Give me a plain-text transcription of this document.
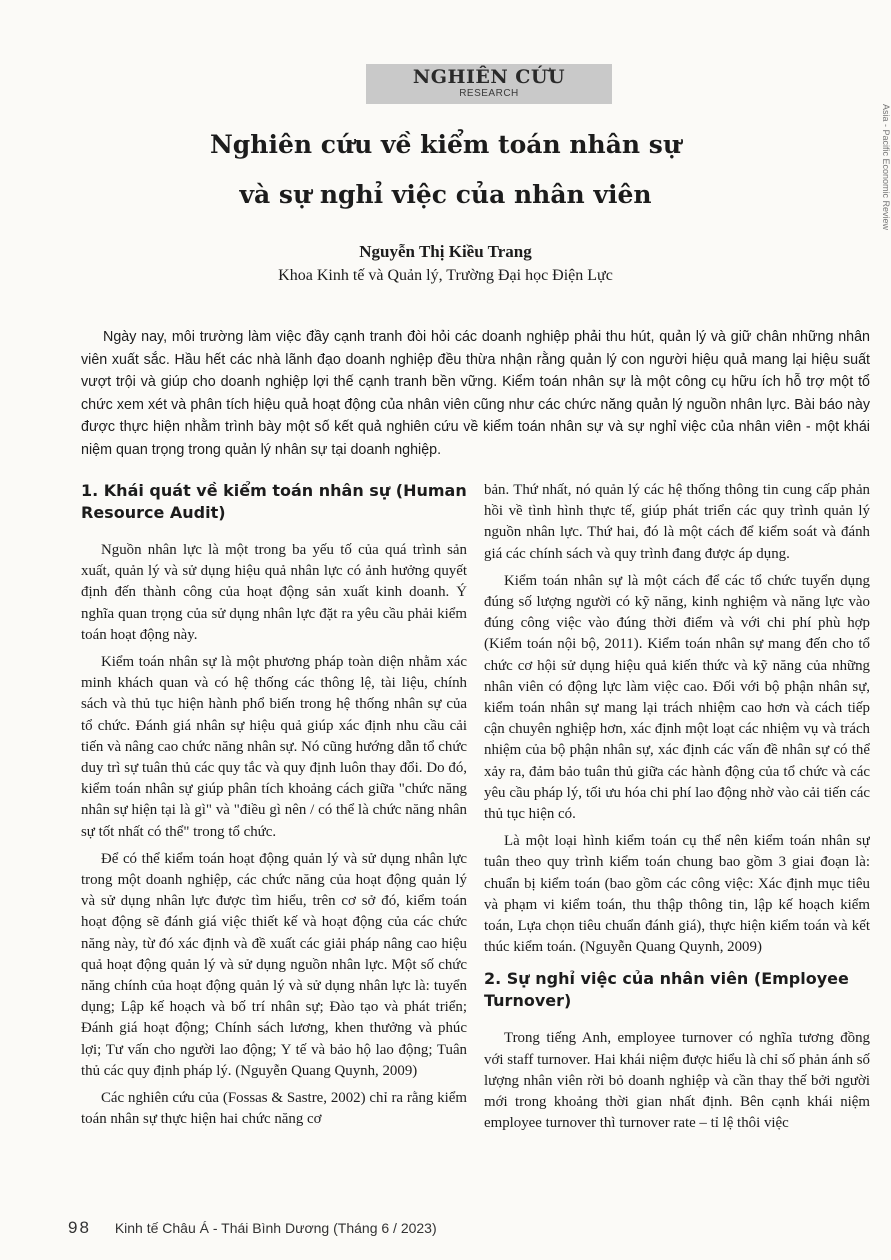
NGHIÊN CỨU
RESEARCH
Asia - Pacific Economic Review
Nghiên cứu về kiểm toán nhân sự
và sự nghỉ việc của nhân viên

Nguyễn Thị Kiều Trang

Khoa Kinh tế và Quản lý, Trường Đại học Điện Lực

Ngày nay, môi trường làm việc đầy cạnh tranh đòi hỏi các doanh nghiệp phải thu hút, quản lý và giữ chân những nhân viên xuất sắc. Hầu hết các nhà lãnh đạo doanh nghiệp đều thừa nhận rằng quản lý con người hiệu quả mang lại hiệu suất vượt trội và giúp cho doanh nghiệp lợi thế cạnh tranh bền vững. Kiểm toán nhân sự là một công cụ hữu ích hỗ trợ một tổ chức xem xét và phân tích hiệu quả hoạt động của nhân viên cũng như các chức năng quản lý nguồn nhân lực. Bài báo này được thực hiện nhằm trình bày một số kết quả nghiên cứu về kiểm toán nhân sự và sự nghỉ việc của nhân viên - một khái niệm quan trọng trong quản lý nhân sự tại doanh nghiệp.

1. Khái quát về kiểm toán nhân sự (Human Resource Audit)

Nguồn nhân lực là một trong ba yếu tố của quá trình sản xuất, quản lý và sử dụng hiệu quả nhân lực có ảnh hưởng quyết định đến thành công của hoạt động sản xuất kinh doanh. Ý nghĩa quan trọng của sử dụng nhân lực đặt ra yêu cầu phải kiểm toán hoạt động này.

Kiểm toán nhân sự là một phương pháp toàn diện nhằm xác minh khách quan và có hệ thống các thông lệ, tài liệu, chính sách và thủ tục hiện hành phổ biến trong hệ thống nhân sự của tổ chức. Đánh giá nhân sự hiệu quả giúp xác định nhu cầu cải tiến và nâng cao chức năng nhân sự. Nó cũng hướng dẫn tổ chức duy trì sự tuân thủ các quy tắc và quy định luôn thay đổi. Do đó, kiểm toán nhân sự giúp phân tích khoảng cách giữa "chức năng nhân sự hiện tại là gì" và "điều gì nên / có thể là chức năng nhân sự tốt nhất có thể" trong tổ chức.

Để có thể kiểm toán hoạt động quản lý và sử dụng nhân lực trong một doanh nghiệp, các chức năng của hoạt động quản lý và sử dụng nhân lực được tìm hiểu, trên cơ sở đó, kiểm toán hoạt động sẽ đánh giá việc thiết kế và hoạt động của các chức năng này, từ đó xác định và đề xuất các giải pháp nâng cao hiệu quả hoạt động quản lý và sử dụng nguồn nhân lực. Một số chức năng chính của hoạt động quản lý và sử dụng nhân lực là: tuyển dụng; Lập kế hoạch và bố trí nhân sự; Đào tạo và phát triển; Đánh giá hoạt động; Chính sách lương, khen thưởng và phúc lợi; Tư vấn cho người lao động; Y tế và bảo hộ lao động; Tuân thủ các quy định pháp lý. (Nguyễn Quang Quynh, 2009)

Các nghiên cứu của (Fossas & Sastre, 2002) chỉ ra rằng kiểm toán nhân sự thực hiện hai chức năng cơ

bản. Thứ nhất, nó quản lý các hệ thống thông tin cung cấp phản hồi về tình hình thực tế, giúp phát triển các quy trình quản lý nguồn nhân lực. Thứ hai, đó là một cách để kiểm soát và đánh giá các chính sách và quy trình đang được áp dụng.

Kiểm toán nhân sự là một cách để các tổ chức tuyển dụng đúng số lượng người có kỹ năng, kinh nghiệm và năng lực vào đúng công việc vào đúng thời điểm và với chi phí phù hợp (Kiểm toán nội bộ, 2011). Kiểm toán nhân sự mang đến cho tổ chức cơ hội sử dụng hiệu quả kiến thức và kỹ năng của những nhân viên có động lực làm việc cao. Đối với bộ phận nhân sự, kiểm toán nhân sự mang lại trách nhiệm cao hơn và cách tiếp cận chuyên nghiệp hơn, xác định một loạt các nhiệm vụ và trách nhiệm của bộ phận nhân sự, xác định các vấn đề nhân sự có thể xảy ra, đảm bảo tuân thủ giữa các hành động của tổ chức và các yêu cầu pháp lý, tối ưu hóa chi phí lao động nhờ vào cải tiến các thủ tục hiện có.

Là một loại hình kiểm toán cụ thể nên kiểm toán nhân sự tuân theo quy trình kiểm toán chung bao gồm 3 giai đoạn là: chuẩn bị kiểm toán (bao gồm các công việc: Xác định mục tiêu và phạm vi kiểm toán, thu thập thông tin, lập kế hoạch kiểm toán, Lựa chọn tiêu chuẩn đánh giá), thực hiện kiểm toán và kết thúc kiểm toán. (Nguyễn Quang Quynh, 2009)

2. Sự nghỉ việc của nhân viên (Employee Turnover)

Trong tiếng Anh, employee turnover có nghĩa tương đồng với staff turnover. Hai khái niệm được hiểu là chỉ số phản ánh số lượng nhân viên rời bỏ doanh nghiệp và cần thay thế bởi người mới trong khoảng thời gian nhất định. Bên cạnh khái niệm employee turnover thì turnover rate – tỉ lệ thôi việc

98 Kinh tế Châu Á - Thái Bình Dương (Tháng 6 / 2023)
